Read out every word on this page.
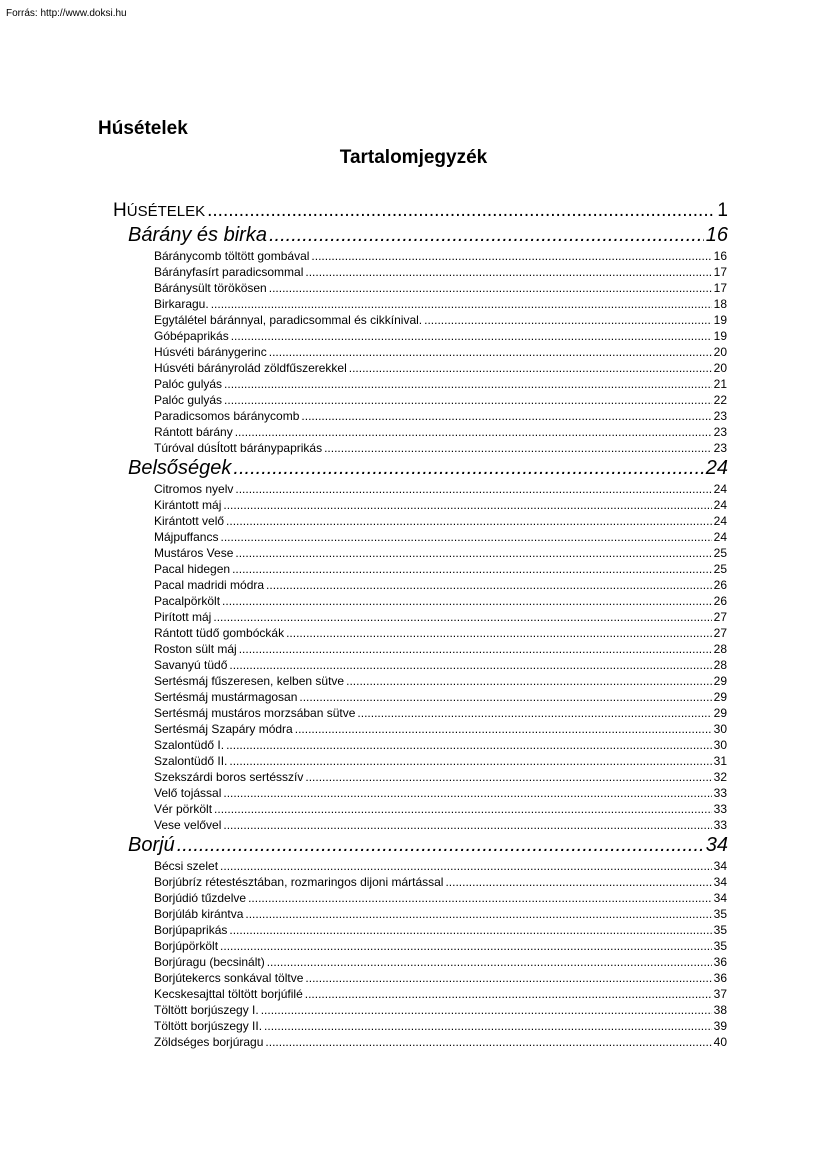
Forrás: http://www.doksi.hu
Húsételek
Tartalomjegyzék
HÚSÉTELEK .....	1
Bárány és birka .....	16
Báránycomb töltött gombával .....	16
Bárányfasírt paradicsommal .....	17
Báránysült törökösen .....	17
Birkaragu. .....	18
Egytálétel báránnyal, paradicsommal és cikkínival. .....	19
Góbépaprikás .....	19
Húsvéti báránygerinc .....	20
Húsvéti bárányrolád zöldfűszerekkel .....	20
Palóc gulyás .....	21
Palóc gulyás .....	22
Paradicsomos báránycomb .....	23
Rántott bárány .....	23
Túróval dúsÍtott báránypaprikás .....	23
Belsőségek .....	24
Citromos nyelv .....	24
Kirántott máj .....	24
Kirántott velő .....	24
Májpuffancs .....	24
Mustáros Vese .....	25
Pacal hidegen .....	25
Pacal madridi módra .....	26
Pacalpörkölt .....	26
Pirított máj .....	27
Rántott tüdő gombóckák .....	27
Roston sült máj .....	28
Savanyú tüdő .....	28
Sertésmáj fűszeresen, kelben sütve .....	29
Sertésmáj mustármagosan .....	29
Sertésmáj mustáros morzsában sütve .....	29
Sertésmáj Szapáry módra .....	30
Szalontüdő I. .....	30
Szalontüdő II. .....	31
Szekszárdi boros sertésszív .....	32
Velő tojással .....	33
Vér pörkölt .....	33
Vese velővel .....	33
Borjú .....	34
Bécsi szelet .....	34
Borjúbríz rétestésztában, rozmaringos dijoni mártással .....	34
Borjúdió tűzdelve .....	34
Borjúláb kirántva .....	35
Borjúpaprikás .....	35
Borjúpörkölt .....	35
Borjúragu (becsinált) .....	36
Borjútekercs sonkával töltve .....	36
Kecskesajttal töltött borjúfilé .....	37
Töltött borjúszegy I. .....	38
Töltött borjúszegy II. .....	39
Zöldséges borjúragu .....	40
